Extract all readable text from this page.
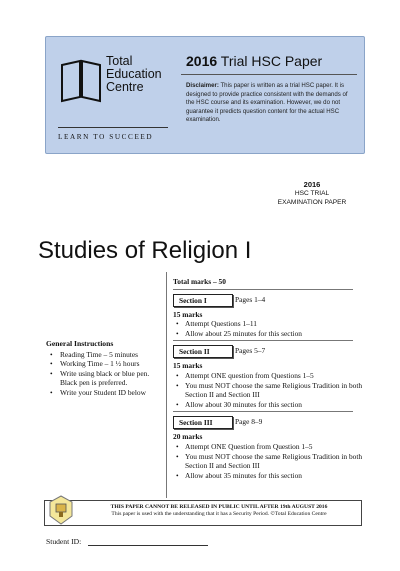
Total
Education
Centre
LEARN TO SUCCEED
2016 Trial HSC Paper
Disclaimer: This paper is written as a trial HSC paper. It is designed to provide practice consistent with the demands of the HSC course and its examination. However, we do not guarantee it predicts question content for the actual HSC examination.
2016
HSC TRIAL
EXAMINATION PAPER
Studies of Religion I
General Instructions
• Reading Time – 5 minutes
• Working Time – 1 ½ hours
• Write using black or blue pen. Black pen is preferred.
• Write your Student ID below
Total marks – 50
Section I	Pages 1–4
15 marks
• Attempt Questions 1–11
• Allow about 25 minutes for this section
Section II	Pages 5–7
15 marks
• Attempt ONE question from Questions 1–5
• You must NOT choose the same Religious Tradition in both Section II and Section III
• Allow about 30 minutes for this section
Section III	Page 8–9
20 marks
• Attempt ONE Question from Question 1–5
• You must NOT choose the same Religious Tradition in both Section II and Section III
• Allow about 35 minutes for this section
THIS PAPER CANNOT BE RELEASED IN PUBLIC UNTIL AFTER 19th AUGUST 2016
This paper is used with the understanding that it has a Security Period. ©Total Education Centre
Student ID:
